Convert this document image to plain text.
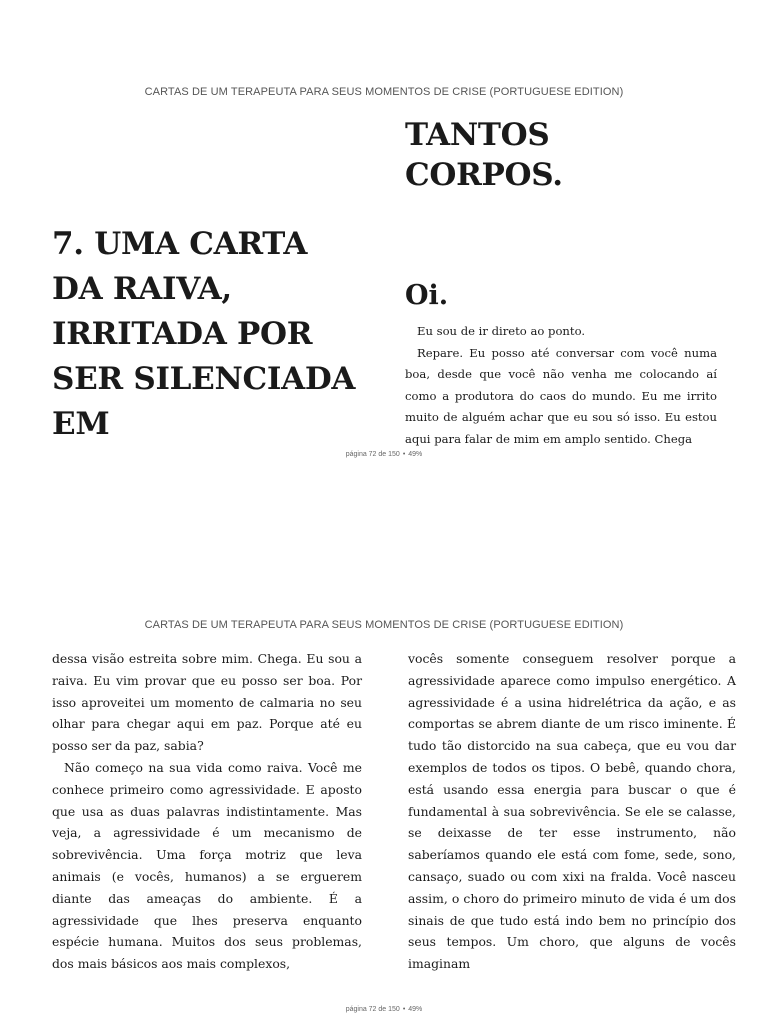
CARTAS DE UM TERAPEUTA PARA SEUS MOMENTOS DE CRISE (PORTUGUESE EDITION)
7. UMA CARTA DA RAIVA, IRRITADA POR SER SILENCIADA EM
TANTOS CORPOS.
Oi.

Eu sou de ir direto ao ponto.

Repare. Eu posso até conversar com você numa boa, desde que você não venha me colocando aí como a produtora do caos do mundo. Eu me irrito muito de alguém achar que eu sou só isso. Eu estou aqui para falar de mim em amplo sentido. Chega

página 72 de 150 • 49%
CARTAS DE UM TERAPEUTA PARA SEUS MOMENTOS DE CRISE (PORTUGUESE EDITION)

dessa visão estreita sobre mim. Chega. Eu sou a raiva. Eu vim provar que eu posso ser boa. Por isso aproveitei um momento de calmaria no seu olhar para chegar aqui em paz. Porque até eu posso ser da paz, sabia?

Não começo na sua vida como raiva. Você me conhece primeiro como agressividade. E aposto que usa as duas palavras indistintamente. Mas veja, a agressividade é um mecanismo de sobrevivência. Uma força motriz que leva animais (e vocês, humanos) a se erguerem diante das ameaças do ambiente. É a agressividade que lhes preserva enquanto espécie humana. Muitos dos seus problemas, dos mais básicos aos mais complexos,

vocês somente conseguem resolver porque a agressividade aparece como impulso energético. A agressividade é a usina hidrelétrica da ação, e as comportas se abrem diante de um risco iminente. É tudo tão distorcido na sua cabeça, que eu vou dar exemplos de todos os tipos. O bebê, quando chora, está usando essa energia para buscar o que é fundamental à sua sobrevivência. Se ele se calasse, se deixasse de ter esse instrumento, não saberíamos quando ele está com fome, sede, sono, cansaço, suado ou com xixi na fralda. Você nasceu assim, o choro do primeiro minuto de vida é um dos sinais de que tudo está indo bem no princípio dos seus tempos. Um choro, que alguns de vocês imaginam

página 72 de 150 • 49%
